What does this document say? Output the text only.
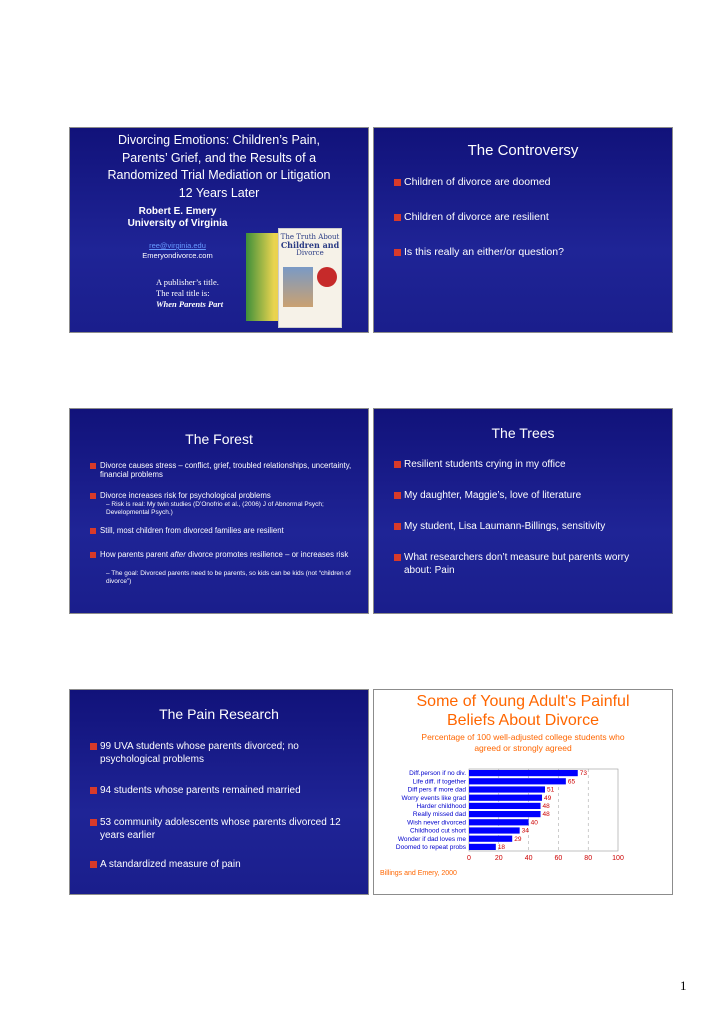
Divorcing Emotions: Children’s Pain,
Parents’ Grief, and the Results of a
Randomized Trial Mediation or Litigation
12 Years Later
Robert E. Emery
University of Virginia
ree@virginia.edu
Emeryondivorce.com
A publisher’s title.
The real title is:
When Parents Part
The Truth About
Children and
Divorce
The Controversy
Children of divorce are doomed
Children of divorce are resilient
Is this really an either/or question?
The Forest
Divorce causes stress – conflict, grief, troubled relationships, uncertainty, financial problems
Divorce increases risk for psychological problems
– Risk is real: My twin studies (D’Onofrio et al., (2006) J of Abnormal Psych; Developmental Psych.)
Still, most children from divorced families are resilient
How parents parent after divorce promotes resilience – or increases risk
– The goal: Divorced parents need to be parents, so kids can be kids (not “children of divorce”)
The Trees
Resilient students crying in my office
My daughter, Maggie’s, love of literature
My student, Lisa Laumann-Billings, sensitivity
What researchers don’t measure but parents worry about: Pain
The Pain Research
99 UVA students whose parents divorced; no psychological problems
94 students whose parents remained married
53 community adolescents whose parents divorced 12 years earlier
A standardized measure of pain
Some of Young Adult's Painful
Beliefs About Divorce
Percentage of 100 well-adjusted college students who
agreed or strongly agreed
0	20	40	60	80	100
Diff.person if no div.	73
Life diff. if together	65
Diff pers if more dad	51
Worry events like grad	49
Harder childhood	48
Really missed dad	48
Wish never divorced	40
Childhood cut short	34
Wonder if dad loves me	29
Doomed to repeat probs	18
Billings and Emery, 2000
1
